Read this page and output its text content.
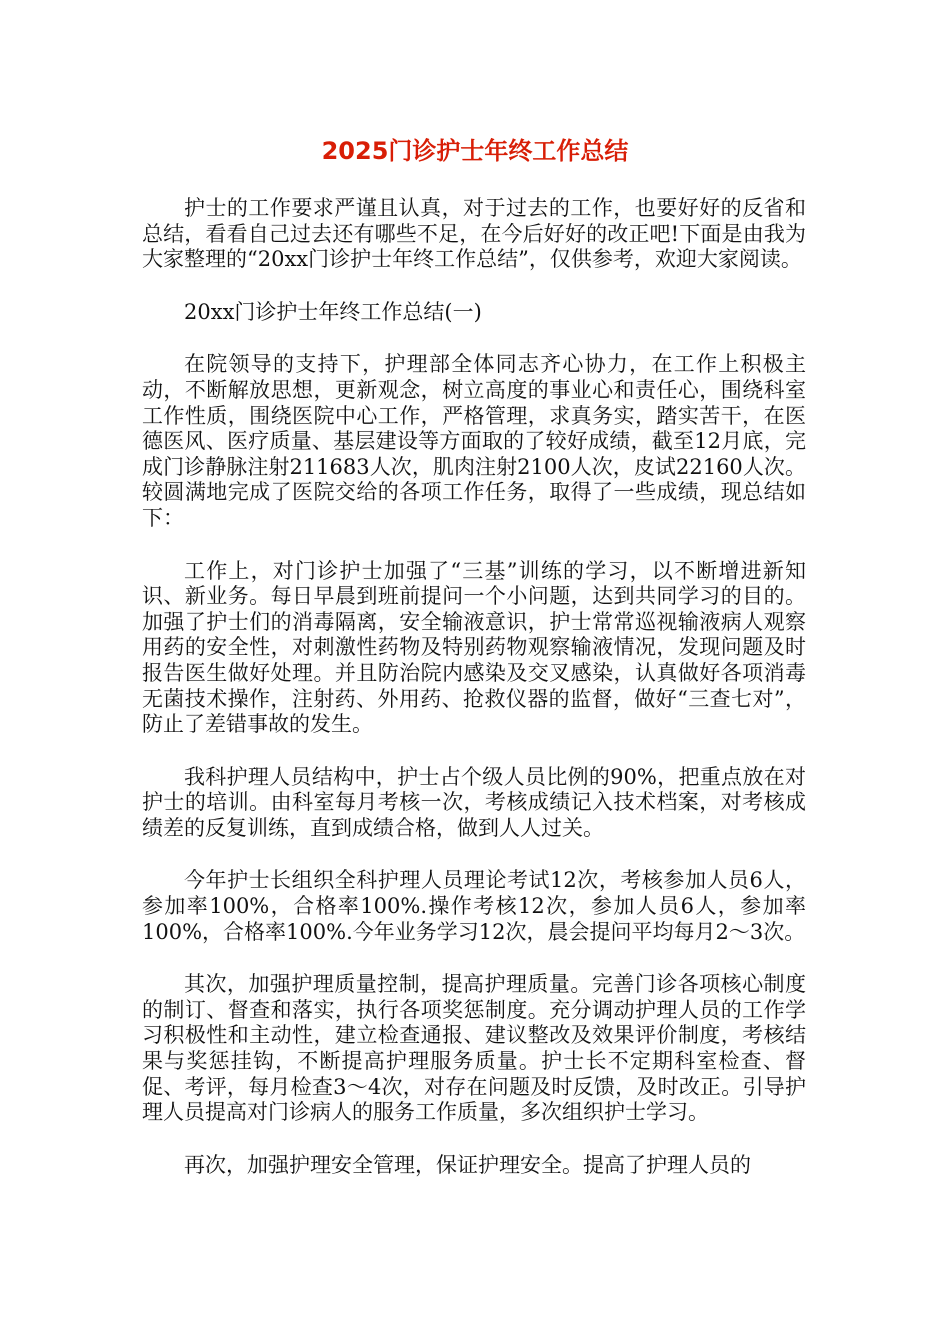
2025门诊护士年终工作总结

护士的工作要求严谨且认真，对于过去的工作，也要好好的反省和总结，看看自己过去还有哪些不足，在今后好好的改正吧!下面是由我为大家整理的“20xx门诊护士年终工作总结”，仅供参考，欢迎大家阅读。

20xx门诊护士年终工作总结(一)

在院领导的支持下，护理部全体同志齐心协力，在工作上积极主动，不断解放思想，更新观念，树立高度的事业心和责任心，围绕科室工作性质，围绕医院中心工作，严格管理，求真务实，踏实苦干，在医德医风、医疗质量、基层建设等方面取的了较好成绩，截至12月底，完成门诊静脉注射211683人次，肌肉注射2100人次，皮试22160人次。较圆满地完成了医院交给的各项工作任务，取得了一些成绩，现总结如下：

工作上，对门诊护士加强了“三基”训练的学习，以不断增进新知识、新业务。每日早晨到班前提问一个小问题，达到共同学习的目的。加强了护士们的消毒隔离，安全输液意识，护士常常巡视输液病人观察用药的安全性，对刺激性药物及特别药物观察输液情况，发现问题及时报告医生做好处理。并且防治院内感染及交叉感染，认真做好各项消毒无菌技术操作，注射药、外用药、抢救仪器的监督，做好“三查七对”，防止了差错事故的发生。

我科护理人员结构中，护士占个级人员比例的90%，把重点放在对护士的培训。由科室每月考核一次，考核成绩记入技术档案，对考核成绩差的反复训练，直到成绩合格，做到人人过关。

今年护士长组织全科护理人员理论考试12次，考核参加人员6人，参加率100%，合格率100%.操作考核12次，参加人员6人，参加率100%，合格率100%.今年业务学习12次，晨会提问平均每月2～3次。

其次，加强护理质量控制，提高护理质量。完善门诊各项核心制度的制订、督查和落实，执行各项奖惩制度。充分调动护理人员的工作学习积极性和主动性，建立检查通报、建议整改及效果评价制度，考核结果与奖惩挂钩，不断提高护理服务质量。护士长不定期科室检查、督促、考评，每月检查3～4次，对存在问题及时反馈，及时改正。引导护理人员提高对门诊病人的服务工作质量，多次组织护士学习。

再次，加强护理安全管理，保证护理安全。提高了护理人员的
